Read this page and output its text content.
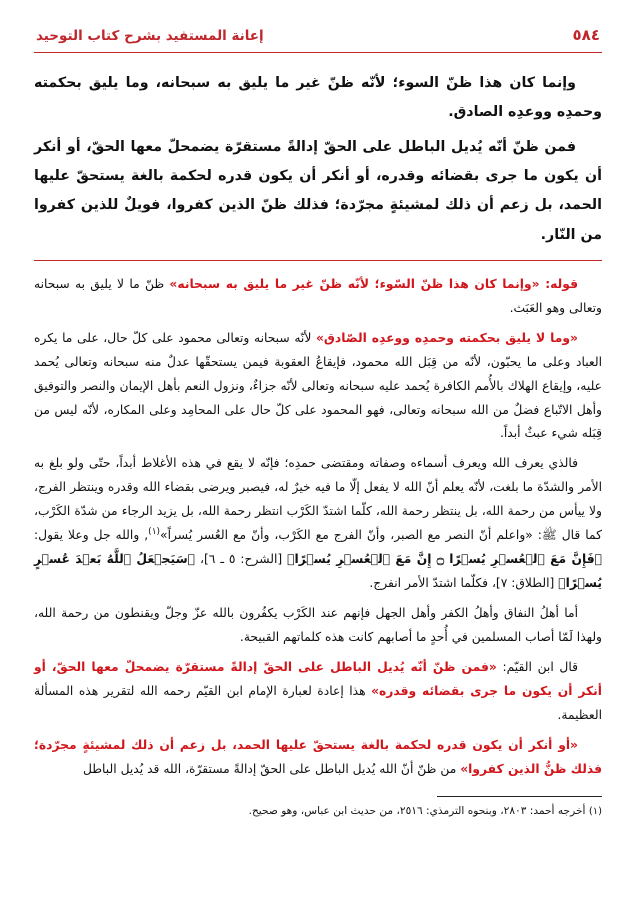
إعانة المستفيد بشرح كتاب التوحيد	٥٨٤

وإنما كان هذا ظنّ السوء؛ لأنّه ظنّ غير ما يليق به سبحانه، وما يليق بحكمته وحمدِه ووعدِه الصادق.

فمن ظنّ أنّه يُديل الباطل على الحقّ إدالةً مستقرّة يضمحلّ معها الحقّ، أو أنكر أن يكون ما جرى بقضائه وقدره، أو أنكر أن يكون قدره لحكمة بالغة يستحقّ عليها الحمد، بل زعم أن ذلك لمشيئةٍ مجرّدة؛ فذلك ظنّ الذين كفروا، فويلٌ للذين كفروا من النّار.

قوله: «وإنما كان هذا ظنّ السّوء؛ لأنّه ظنّ غير ما يليق به سبحانه» ظنّ ما لا يليق به سبحانه وتعالى وهو العَبَث.

«وما لا يليق بحكمته وحمدِه ووعدِه الصّادق» لأنّه سبحانه وتعالى محمود على كلّ حال، على ما يكره العباد وعلى ما يحبّون، لأنّه من قِبَل الله محمود، فإيقاعُ العقوبة فيمن يستحقّها عدلٌ منه سبحانه وتعالى يُحمد عليه، وإيقاع الهلاك بالأُمم الكافرة يُحمد عليه سبحانه وتعالى لأنّه جزاءٌ، ونزول النعم بأهل الإيمان والنصر والتوفيق وأهل الاتّباع فضلٌ من الله سبحانه وتعالى، فهو المحمود على كلّ حال على المحامِد وعلى المكاره، لأنّه ليس من قِبَله شيء عبثٌ أبداً.

فالذي يعرف الله ويعرف أسماءه وصفاته ومقتضى حمدِه؛ فإنّه لا يقع في هذه الأغلاط أبداً، حتّى ولو بلغ به الأمر والشدّة ما بلغت، لأنّه يعلم أنّ الله لا يفعل إلّا ما فيه خيرٌ له، فيصبر ويرضى بقضاء الله وقدره وينتظر الفرج، ولا ييأس من رحمة الله، بل ينتظر رحمة الله، كلّما اشتدّ الكَرْب انتظر رحمة الله، بل يزيد الرجاء من شدّة الكَرْب، كما قال ﷺ: «واعلم أنّ النصر مع الصبر، وأنّ الفرج مع الكَرْب، وأنّ مع العُسر يُسراً»$^{(١)}$, والله جل وعلا يقول: ﴿فَإِنَّ مَعَ ٱلۡعُسۡرِ يُسۡرًا ۝ إِنَّ مَعَ ٱلۡعُسۡرِ يُسۡرًا﴾ [الشرح: ٥ ـ ٦]، ﴿سَيَجۡعَلُ ٱللَّهُ بَعۡدَ عُسۡرٍ يُسۡرًا﴾ [الطلاق: ٧]، فكلّما اشتدّ الأمر انفرج.

أما أهلُ النفاق وأهلُ الكفر وأهل الجهل فإنهم عند الكَرْب يكفُرون بالله عزّ وجلّ ويقنطون من رحمة الله، ولهذا لَمّا أصاب المسلمين في أُحدٍ ما أصابهم كانت هذه كلماتهم القبيحة.

قال ابن القيّم: «فمن ظنّ أنّه يُديل الباطل على الحقّ إدالةً مستقرّة يضمحلّ معها الحقّ، أو أنكر أن يكون ما جرى بقضائه وقدره» هذا إعادة لعبارة الإمام ابن القيّم رحمه الله لتقرير هذه المسألة العظيمة.

«أو أنكر أن يكون قدره لحكمة بالغة يستحقّ عليها الحمد، بل زعم أن ذلك لمشيئةٍ مجرّدة؛ فذلك ظنُّ الذين كفروا» من ظنّ أنّ الله يُديل الباطل على الحقّ إدالةً مستقرّة، الله قد يُديل الباطل

(١) أخرجه أحمد: ٢٨٠٣، وبنحوه الترمذي: ٢٥١٦، من حديث ابن عباس، وهو صحيح.
